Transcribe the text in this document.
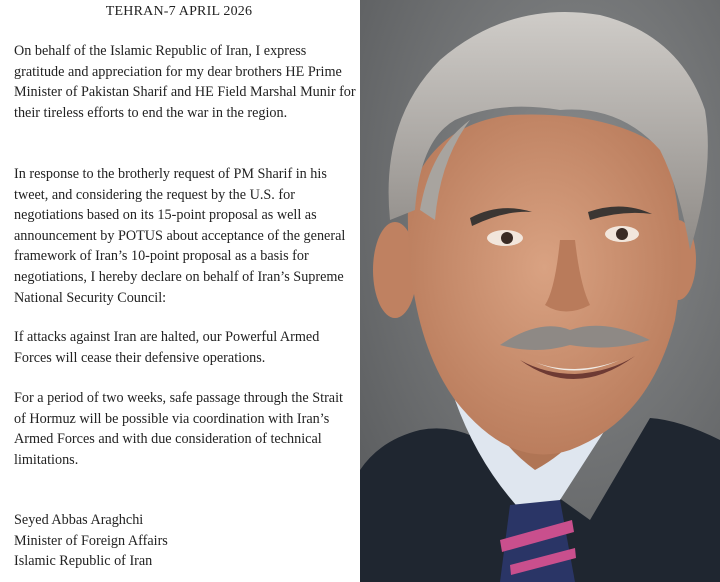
TEHRAN-7 APRIL 2026

On behalf of the Islamic Republic of Iran, I express gratitude and appreciation for my dear brothers HE Prime Minister of Pakistan Sharif and HE Field Marshal Munir for their tireless efforts to end the war in the region.

In response to the brotherly request of PM Sharif in his tweet, and considering the request by the U.S. for negotiations based on its 15-point proposal as well as announcement by POTUS about acceptance of the general framework of Iran’s 10-point proposal as a basis for negotiations, I hereby declare on behalf of Iran’s Supreme National Security Council:

If attacks against Iran are halted, our Powerful Armed Forces will cease their defensive operations.

For a period of two weeks, safe passage through the Strait of Hormuz will be possible via coordination with Iran’s Armed Forces and with due consideration of technical limitations.

Seyed Abbas Araghchi
Minister of Foreign Affairs
Islamic Republic of Iran
